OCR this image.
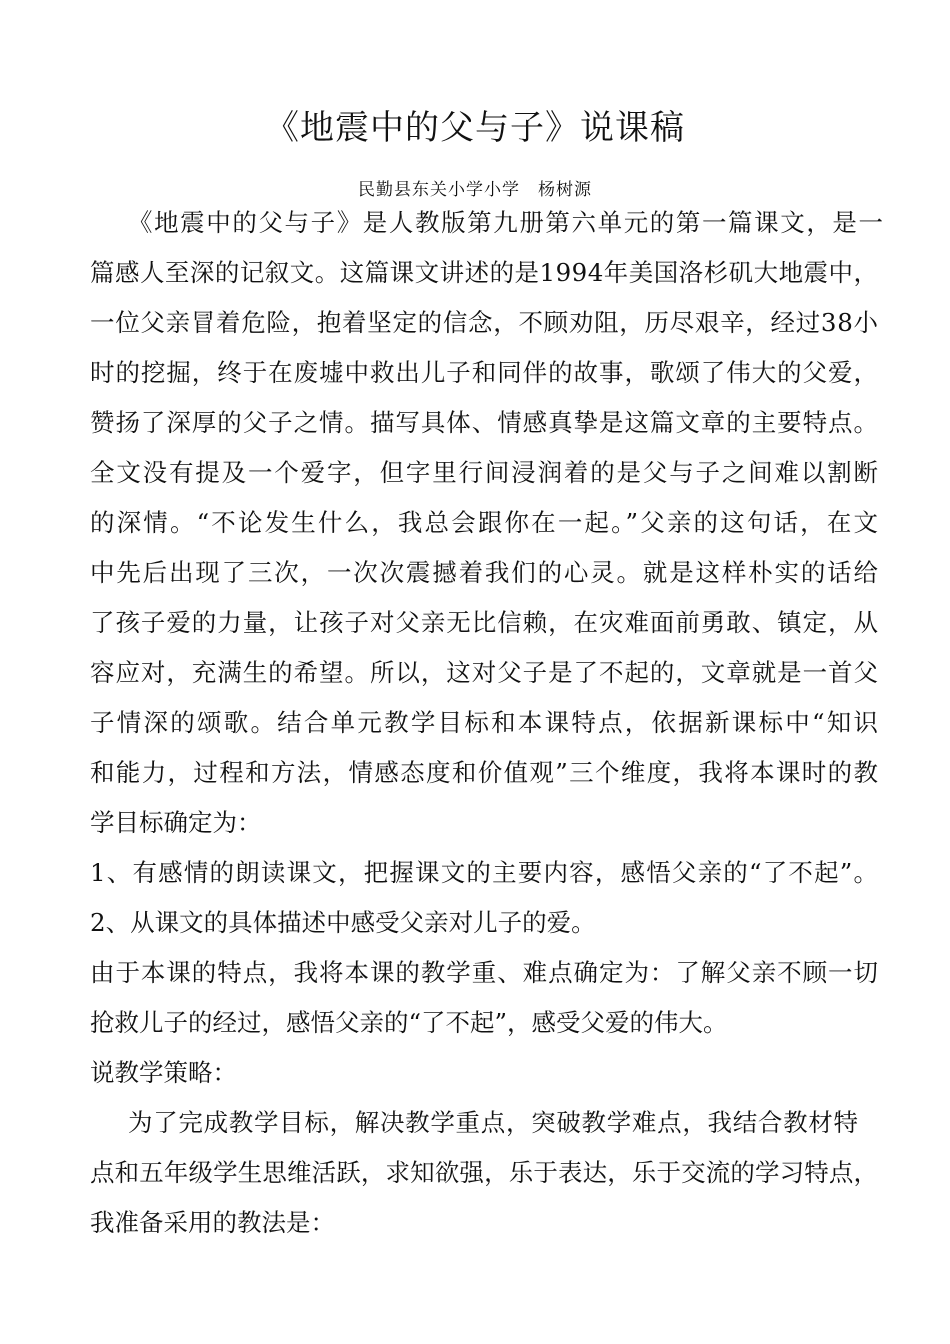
《地震中的父与子》说课稿
民勤县东关小学小学　杨树源
《地震中的父与子》是人教版第九册第六单元的第一篇课文，是一
篇感人至深的记叙文。这篇课文讲述的是1994年美国洛杉矶大地震中，
一位父亲冒着危险，抱着坚定的信念，不顾劝阻，历尽艰辛，经过38小
时的挖掘，终于在废墟中救出儿子和同伴的故事，歌颂了伟大的父爱，
赞扬了深厚的父子之情。描写具体、情感真挚是这篇文章的主要特点。
全文没有提及一个爱字，但字里行间浸润着的是父与子之间难以割断
的深情。“不论发生什么，我总会跟你在一起。”父亲的这句话，在文
中先后出现了三次，一次次震撼着我们的心灵。就是这样朴实的话给
了孩子爱的力量，让孩子对父亲无比信赖，在灾难面前勇敢、镇定，从
容应对，充满生的希望。所以，这对父子是了不起的，文章就是一首父
子情深的颂歌。结合单元教学目标和本课特点，依据新课标中“知识
和能力，过程和方法，情感态度和价值观”三个维度，我将本课时的教
学目标确定为：
1、有感情的朗读课文，把握课文的主要内容，感悟父亲的“了不起”。
2、从课文的具体描述中感受父亲对儿子的爱。
由于本课的特点，我将本课的教学重、难点确定为：了解父亲不顾一切
抢救儿子的经过，感悟父亲的“了不起”，感受父爱的伟大。
说教学策略：
为了完成教学目标，解决教学重点，突破教学难点，我结合教材特
点和五年级学生思维活跃，求知欲强，乐于表达，乐于交流的学习特点，
我准备采用的教法是：
